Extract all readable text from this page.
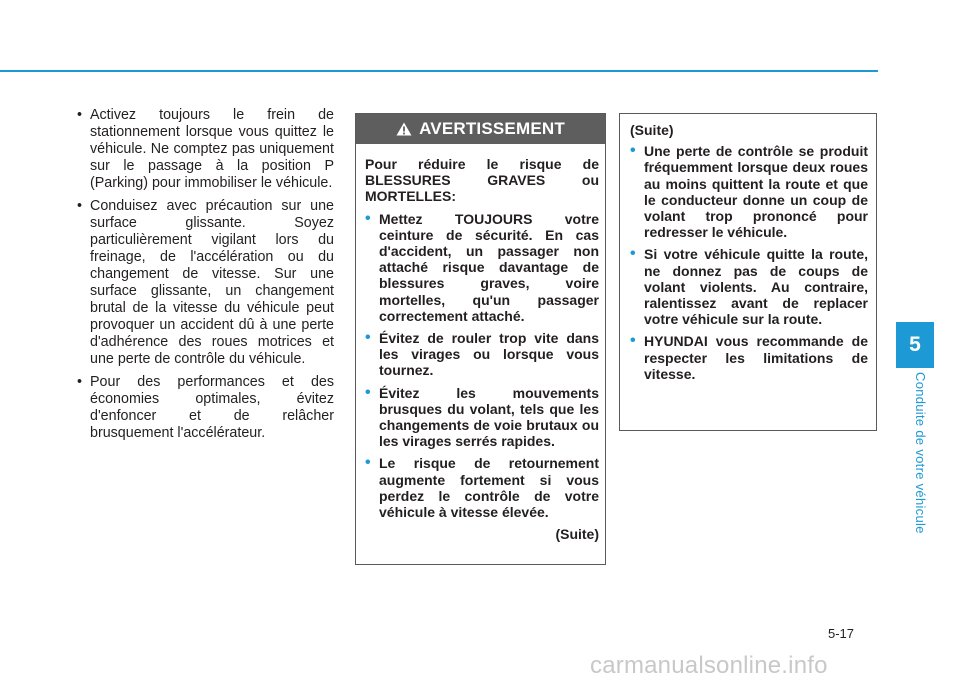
5
Conduite de votre véhicule
• Activez toujours le frein de stationnement lorsque vous quittez le véhicule. Ne comptez pas uniquement sur le passage à la position P (Parking) pour immobiliser le véhicule.
• Conduisez avec précaution sur une surface glissante. Soyez particulièrement vigilant lors du freinage, de l'accélération ou du changement de vitesse. Sur une surface glissante, un changement brutal de la vitesse du véhicule peut provoquer un accident dû à une perte d'adhérence des roues motrices et une perte de contrôle du véhicule.
• Pour des performances et des économies optimales, évitez d'enfoncer et de relâcher brusquement l'accélérateur.
AVERTISSEMENT

Pour réduire le risque de BLESSURES GRAVES ou MORTELLES:

• Mettez TOUJOURS votre ceinture de sécurité. En cas d'accident, un passager non attaché risque davantage de blessures graves, voire mortelles, qu'un passager correctement attaché.
• Évitez de rouler trop vite dans les virages ou lorsque vous tournez.
• Évitez les mouvements brusques du volant, tels que les changements de voie brutaux ou les virages serrés rapides.
• Le risque de retournement augmente fortement si vous perdez le contrôle de votre véhicule à vitesse élevée.
(Suite)

(Suite)

• Une perte de contrôle se produit fréquemment lorsque deux roues au moins quittent la route et que le conducteur donne un coup de volant trop prononcé pour redresser le véhicule.
• Si votre véhicule quitte la route, ne donnez pas de coups de volant violents. Au contraire, ralentissez avant de replacer votre véhicule sur la route.
• HYUNDAI vous recommande de respecter les limitations de vitesse.
5-17
carmanualsonline.info
